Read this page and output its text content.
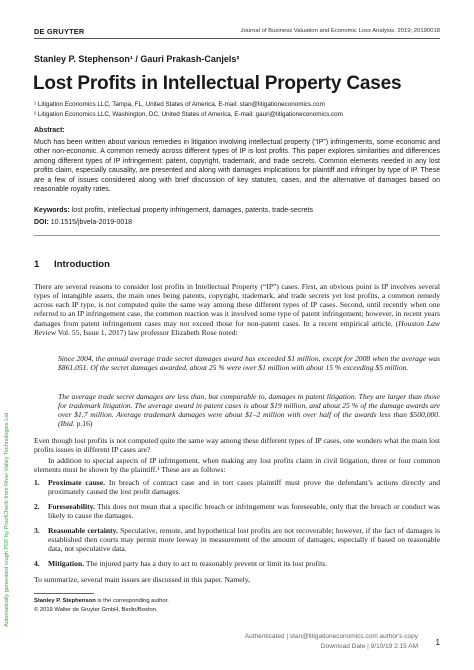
DE GRUYTER	Journal of Business Valuation and Economic Loss Analysis. 2019; 20190018
Stanley P. Stephenson¹ / Gauri Prakash-Canjels²
Lost Profits in Intellectual Property Cases
¹ Litigation Economics LLC, Tampa, FL, United States of America, E-mail: stan@litigationeconomics.com
² Litigation Economics LLC, Washington, DC, United States of America, E-mail: gauri@litigationeconomics.com
Abstract:

Much has been written about various remedies in litigation involving intellectual property (“IP”) infringements, some economic and other non-economic. A common remedy across different types of IP is lost profits. This paper explores similarities and differences among different types of IP infringement: patent, copyright, trademark, and trade secrets. Common elements needed in any lost profits claim, especially causality, are presented and along with damages implications for plaintiff and infringer by type of IP. These are a few of issues considered along with brief discussion of key statutes, cases, and the alternative of damages based on reasonable royalty rates.

Keywords: lost profits, intellectual property infringement, damages, patents, trade-secrets
DOI: 10.1515/jbvela-2019-0018
1 Introduction

There are several reasons to consider lost profits in Intellectual Property (“IP”) cases. First, an obvious point is IP involves several types of intangible assets, the main ones being patents, copyright, trademark, and trade secrets yet lost profits, a common remedy across each IP type, is not computed quite the same way among these different types of IP cases. Second, until recently when one referred to an IP infringement case, the common reaction was it involved some type of patent infringement; however, in recent years damages from patent infringement cases may not exceed those for non-patent cases. In a recent empirical article, (Houston Law Review Vol. 55, Issue 1, 2017) law professor Elizabeth Rose noted:

Since 2004, the annual average trade secret damages award has exceeded $1 million, except for 2008 when the average was $861,051. Of the secret damages awarded, about 25 % were over $1 million with about 15 % exceeding $5 million.

The average trade secret damages are less than, but comparable to, damages in patent litigation. They are larger than those for trademark litigation. The average award in patent cases is about $19 million, and about 25 % of the damage awards are over $1.7 million. Average trademark damages were about $1–2 million with over half of the awards less than $500,000. (Ibid. p.16)

Even though lost profits is not computed quite the same way among these different types of IP cases, one wonders what the main lost profits issues in different IP cases are?

In addition to special aspects of IP infringement, when making any lost profits claim in civil litigation, three or four common elements must be shown by the plaintiff.¹ These are as follows:

1. Proximate cause. In breach of contract case and in tort cases plaintiff must prove the defendant’s actions directly and proximately caused the lost profit damages.
2. Foreseeability. This does not mean that a specific breach or infringement was foreseeable, only that the breach or conduct was likely to cause the damages.
3. Reasonable certainty. Speculative, remote, and hypothetical lost profits are not recoverable; however, if the fact of damages is established then courts may permit more leeway in measurement of the amount of damages, especially if based on reasonable data, not speculative data.
4. Mitigation. The injured party has a duty to act to reasonably prevent or limit its lost profits.

To summarize, several main issues are discussed in this paper. Namely,

Stanley P. Stephenson is the corresponding author.
© 2019 Walter de Gruyter GmbH, Berlin/Boston.
Authenticated | stan@litigationeconomics.com author's copy
Download Date | 9/10/19 2:15 AM 1
Automatically generated rough PDF by ProofCheck from River Valley Technologies Ltd
